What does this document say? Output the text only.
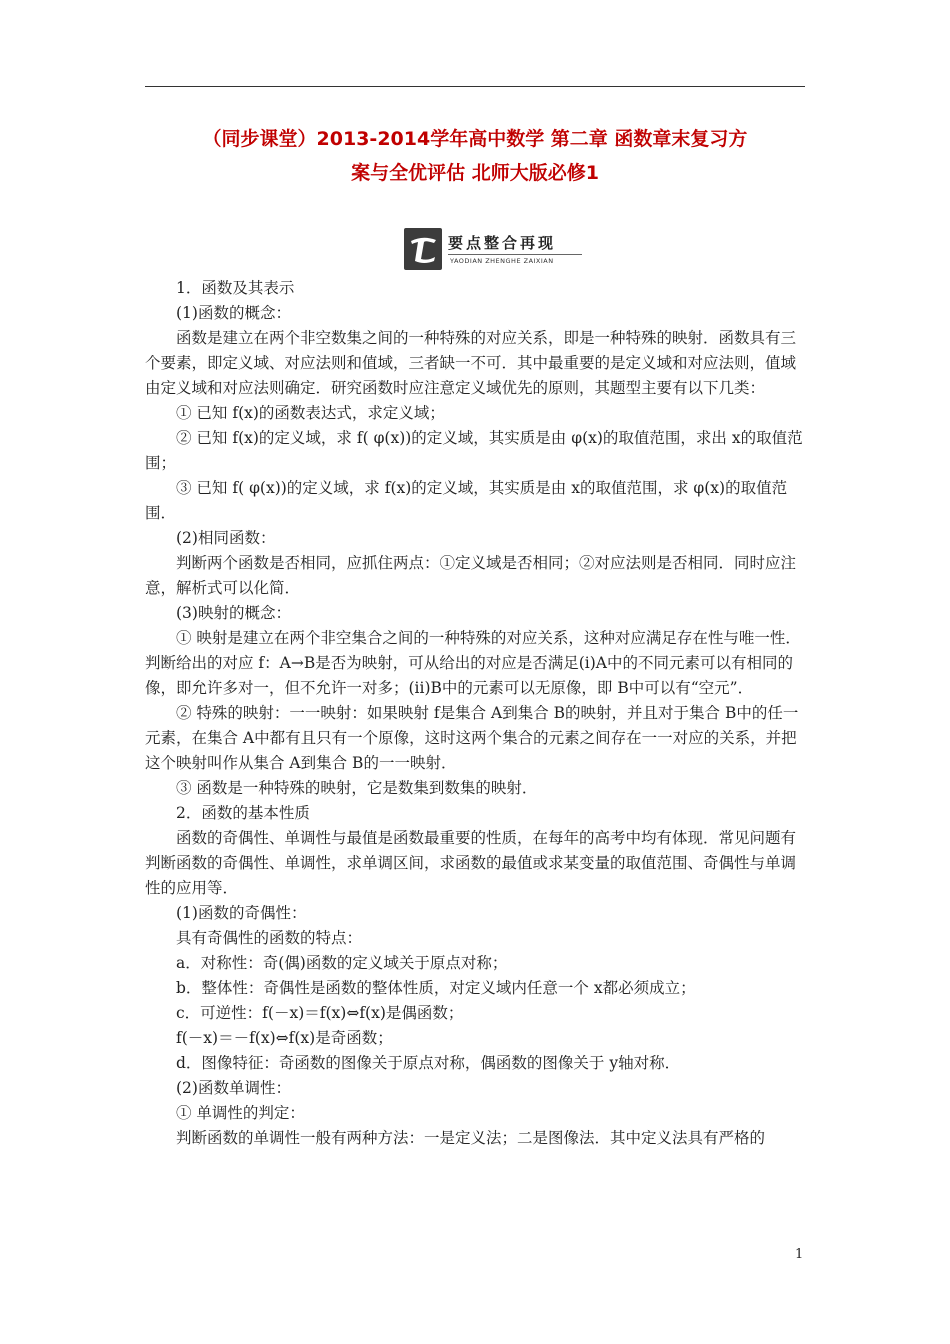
（同步课堂）2013-2014学年高中数学 第二章 函数章末复习方
案与全优评估 北师大版必修1
要点整合再现
YAODIAN ZHENGHE ZAIXIAN

1．函数及其表示

(1)函数的概念：

函数是建立在两个非空数集之间的一种特殊的对应关系，即是一种特殊的映射．函数具有三个要素，即定义域、对应法则和值域，三者缺一不可．其中最重要的是定义域和对应法则，值域由定义域和对应法则确定．研究函数时应注意定义域优先的原则，其题型主要有以下几类：

① 已知 f(x)的函数表达式，求定义域；

② 已知 f(x)的定义域，求 f( φ(x))的定义域，其实质是由 φ(x)的取值范围，求出 x的取值范围；

③ 已知 f( φ(x))的定义域，求 f(x)的定义域，其实质是由 x的取值范围，求 φ(x)的取值范围．

(2)相同函数：

判断两个函数是否相同，应抓住两点：①定义域是否相同；②对应法则是否相同．同时应注意，解析式可以化简．

(3)映射的概念：

① 映射是建立在两个非空集合之间的一种特殊的对应关系，这种对应满足存在性与唯一性．判断给出的对应 f：A→B是否为映射，可从给出的对应是否满足(i)A中的不同元素可以有相同的像，即允许多对一，但不允许一对多；(ii)B中的元素可以无原像，即 B中可以有“空元”．

② 特殊的映射：一一映射：如果映射 f是集合 A到集合 B的映射，并且对于集合 B中的任一元素，在集合 A中都有且只有一个原像，这时这两个集合的元素之间存在一一对应的关系，并把这个映射叫作从集合 A到集合 B的一一映射．

③ 函数是一种特殊的映射，它是数集到数集的映射．

2．函数的基本性质

函数的奇偶性、单调性与最值是函数最重要的性质，在每年的高考中均有体现．常见问题有判断函数的奇偶性、单调性，求单调区间，求函数的最值或求某变量的取值范围、奇偶性与单调性的应用等．

(1)函数的奇偶性：

具有奇偶性的函数的特点：

a．对称性：奇(偶)函数的定义域关于原点对称；

b．整体性：奇偶性是函数的整体性质，对定义域内任意一个 x都必须成立；

c．可逆性：f(－x)＝f(x)⇔f(x)是偶函数；

f(－x)＝－f(x)⇔f(x)是奇函数；

d．图像特征：奇函数的图像关于原点对称，偶函数的图像关于 y轴对称．

(2)函数单调性：

① 单调性的判定：

判断函数的单调性一般有两种方法：一是定义法；二是图像法．其中定义法具有严格的

1
